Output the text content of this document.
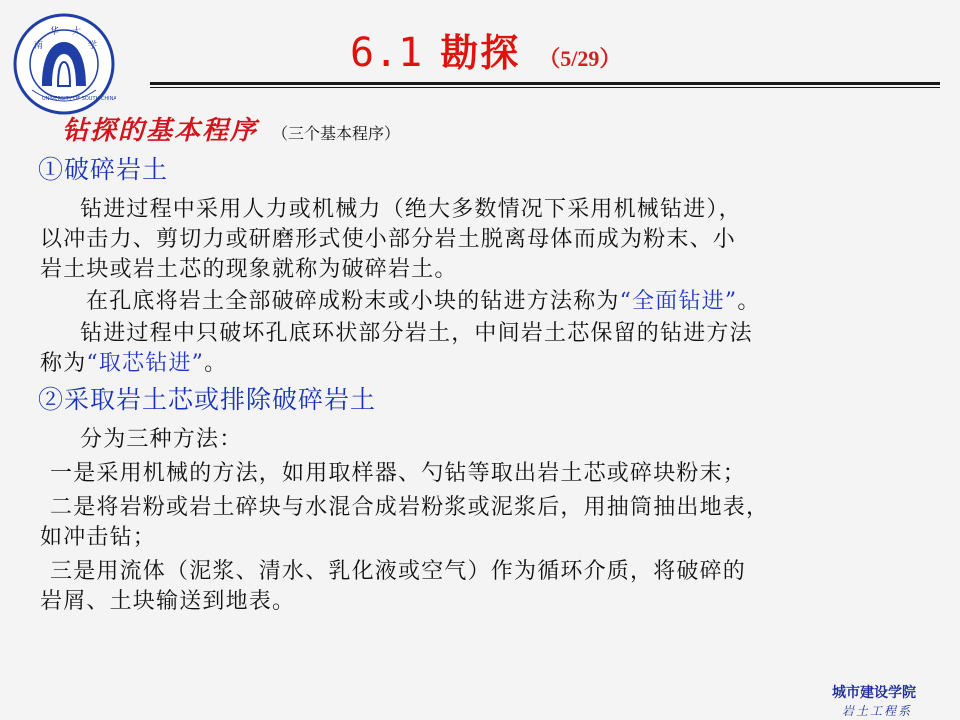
南
华 大
学
UNIVERSITY OF SOUTH CHINA
6.1 勘探 （5/29）
钻探的基本程序 （三个基本程序）
①破碎岩土
钻进过程中采用人力或机械力（绝大多数情况下采用机械钻进），
以冲击力、剪切力或研磨形式使小部分岩土脱离母体而成为粉末、小
岩土块或岩土芯的现象就称为破碎岩土。
在孔底将岩土全部破碎成粉末或小块的钻进方法称为“全面钻进”。
钻进过程中只破坏孔底环状部分岩土，中间岩土芯保留的钻进方法
称为“取芯钻进”。
②采取岩土芯或排除破碎岩土
分为三种方法：
一是采用机械的方法，如用取样器、勺钻等取出岩土芯或碎块粉末；
二是将岩粉或岩土碎块与水混合成岩粉浆或泥浆后，用抽筒抽出地表，
如冲击钻；
三是用流体（泥浆、清水、乳化液或空气）作为循环介质，将破碎的
岩屑、土块输送到地表。
城市建设学院
岩土工程系
